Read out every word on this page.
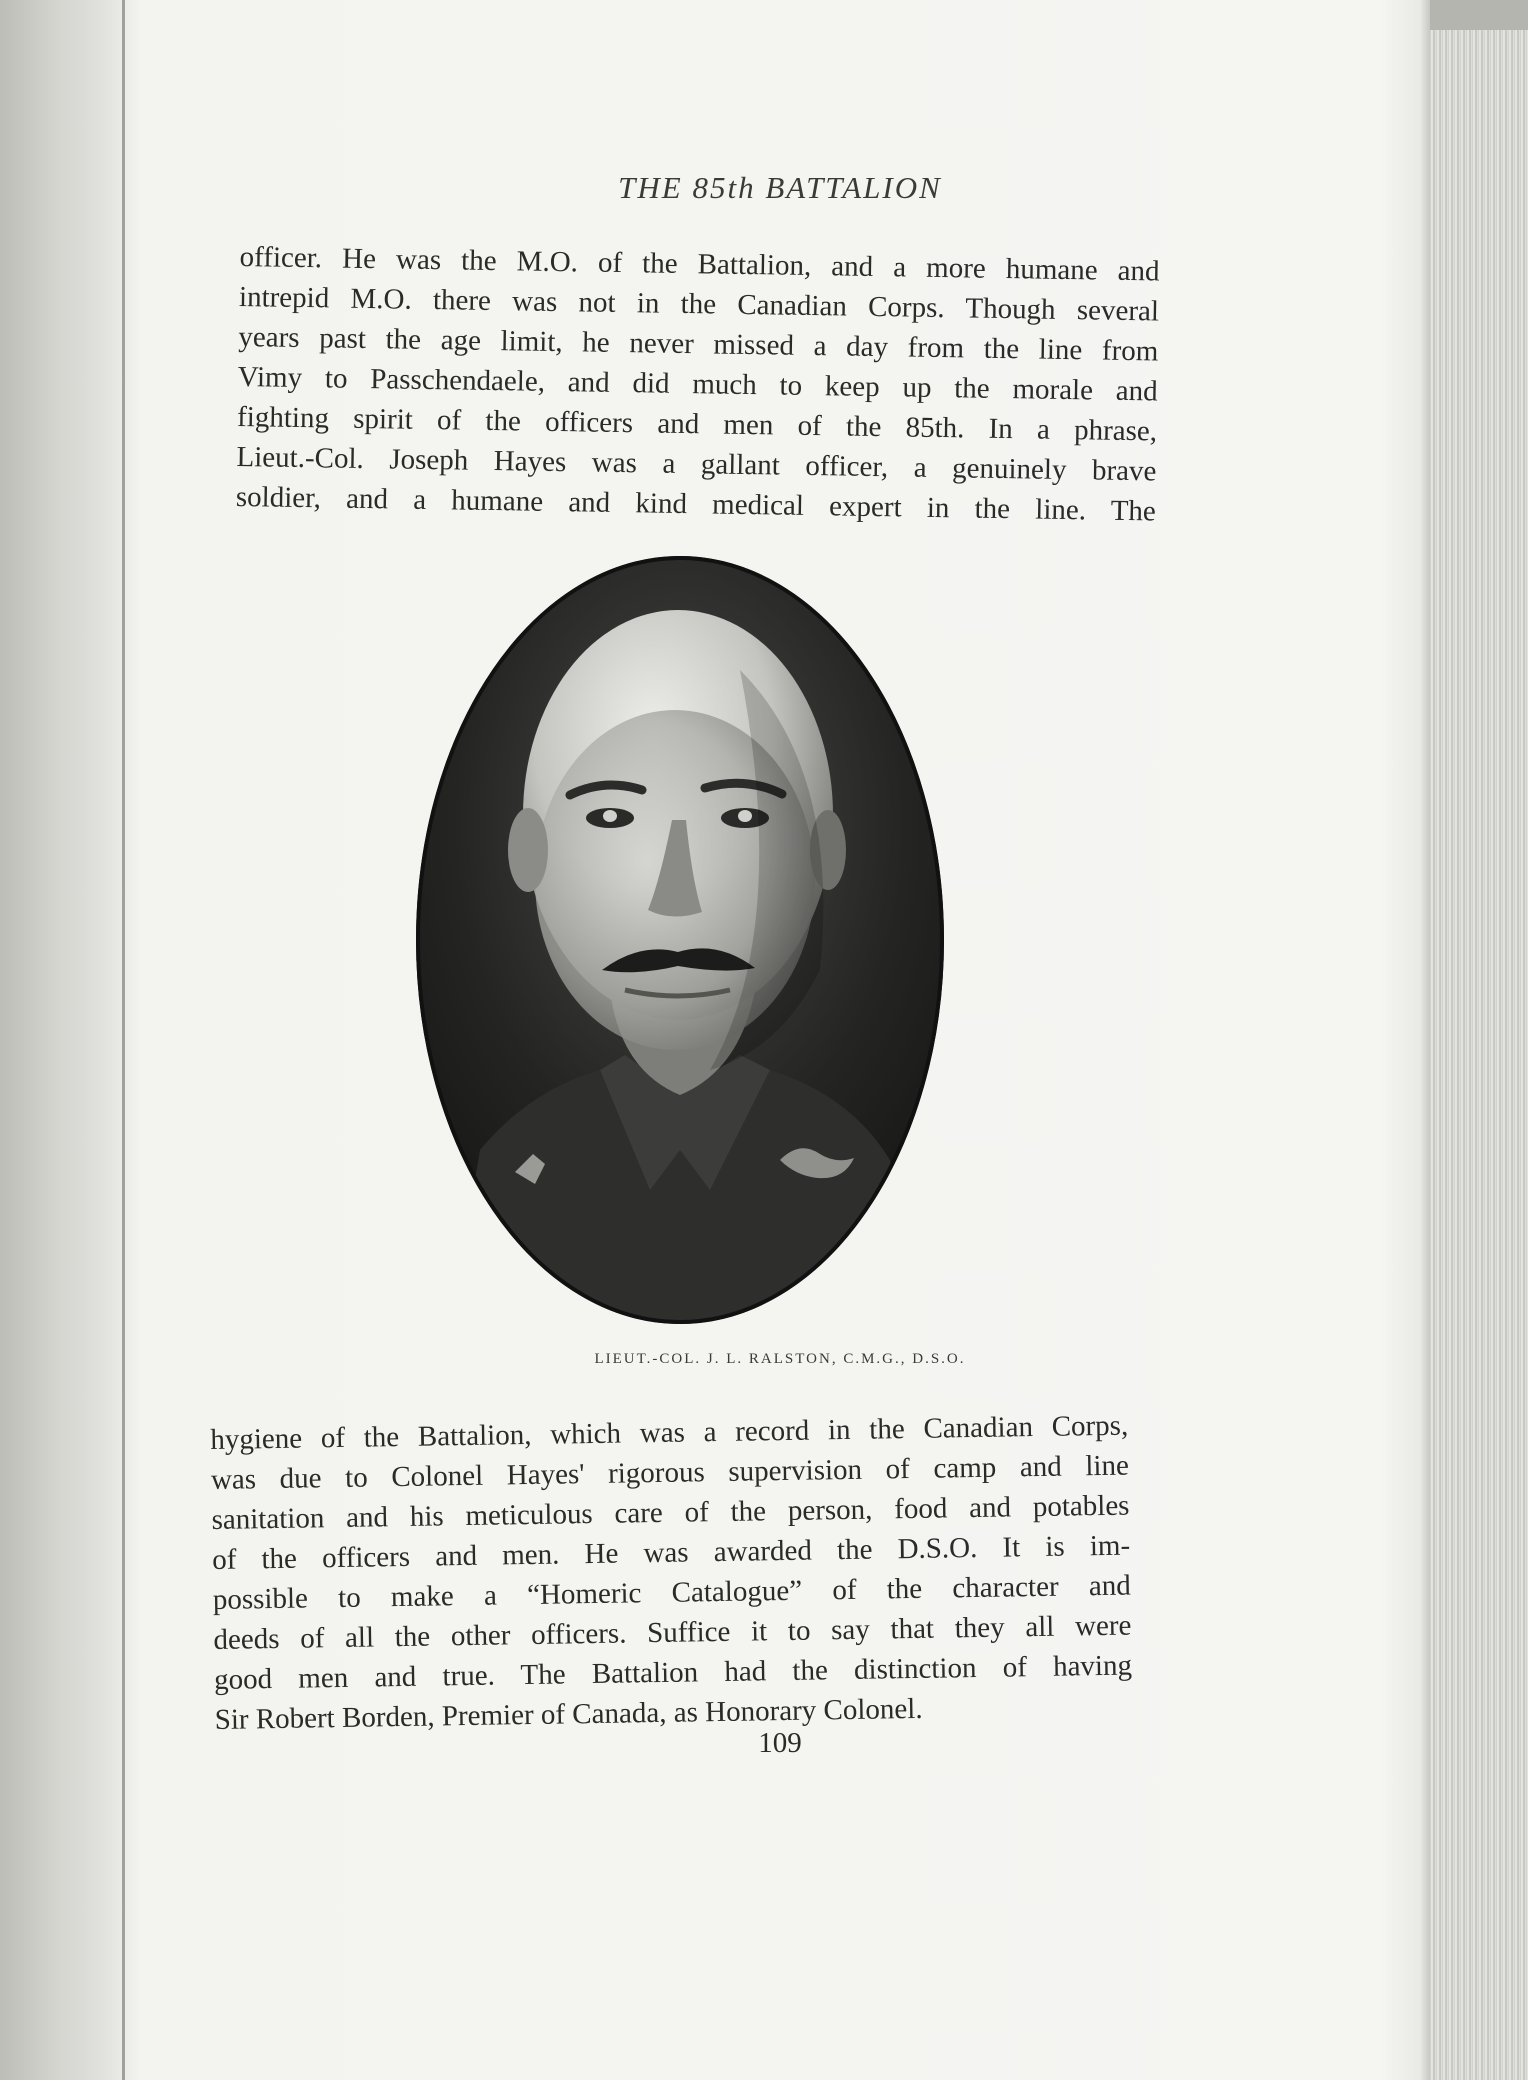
THE 85th BATTALION

officer. He was the M.O. of the Battalion, and a more humane and
intrepid M.O. there was not in the Canadian Corps. Though several
years past the age limit, he never missed a day from the line from
Vimy to Passchendaele, and did much to keep up the morale and
fighting spirit of the officers and men of the 85th. In a phrase,
Lieut.-Col. Joseph Hayes was a gallant officer, a genuinely brave
soldier, and a humane and kind medical expert in the line. The

LIEUT.-COL. J. L. RALSTON, C.M.G., D.S.O.

hygiene of the Battalion, which was a record in the Canadian Corps,
was due to Colonel Hayes' rigorous supervision of camp and line
sanitation and his meticulous care of the person, food and potables
of the officers and men. He was awarded the D.S.O. It is im-
possible to make a “Homeric Catalogue” of the character and
deeds of all the other officers. Suffice it to say that they all were
good men and true. The Battalion had the distinction of having
Sir Robert Borden, Premier of Canada, as Honorary Colonel.

109
